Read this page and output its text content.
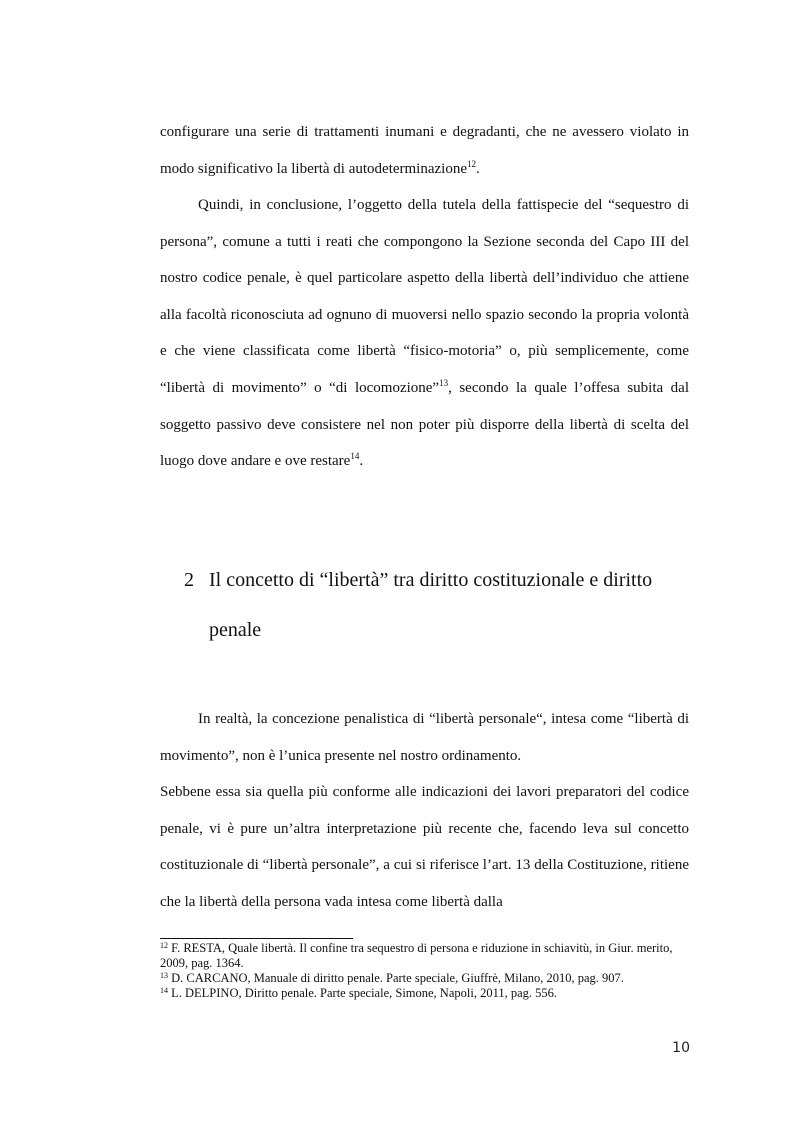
configurare una serie di trattamenti inumani e degradanti, che ne avessero violato in modo significativo la libertà di autodeterminazione$^{12}$.

Quindi, in conclusione, l’oggetto della tutela della fattispecie del “sequestro di persona”, comune a tutti i reati che compongono la Sezione seconda del Capo III del nostro codice penale, è quel particolare aspetto della libertà dell’individuo che attiene alla facoltà riconosciuta ad ognuno di muoversi nello spazio secondo la propria volontà e che viene classificata come libertà “fisico-motoria” o, più semplicemente, come “libertà di movimento” o “di locomozione”$^{13}$, secondo la quale l’offesa subita dal soggetto passivo deve consistere nel non poter più disporre della libertà di scelta del luogo dove andare e ove restare$^{14}$.

2 Il concetto di “libertà” tra diritto costituzionale e diritto
penale

In realtà, la concezione penalistica di “libertà personale“, intesa come “libertà di movimento”, non è l’unica presente nel nostro ordinamento.

Sebbene essa sia quella più conforme alle indicazioni dei lavori preparatori del codice penale, vi è pure un’altra interpretazione più recente che, facendo leva sul concetto costituzionale di “libertà personale”, a cui si riferisce l’art. 13 della Costituzione, ritiene che la libertà della persona vada intesa come libertà dalla

$^{12}$ F. RESTA, Quale libertà. Il confine tra sequestro di persona e riduzione in schiavitù, in Giur. merito, 2009, pag. 1364.

$^{13}$ D. CARCANO, Manuale di diritto penale. Parte speciale, Giuffrè, Milano, 2010, pag. 907.

$^{14}$ L. DELPINO, Diritto penale. Parte speciale, Simone, Napoli, 2011, pag. 556.

10
